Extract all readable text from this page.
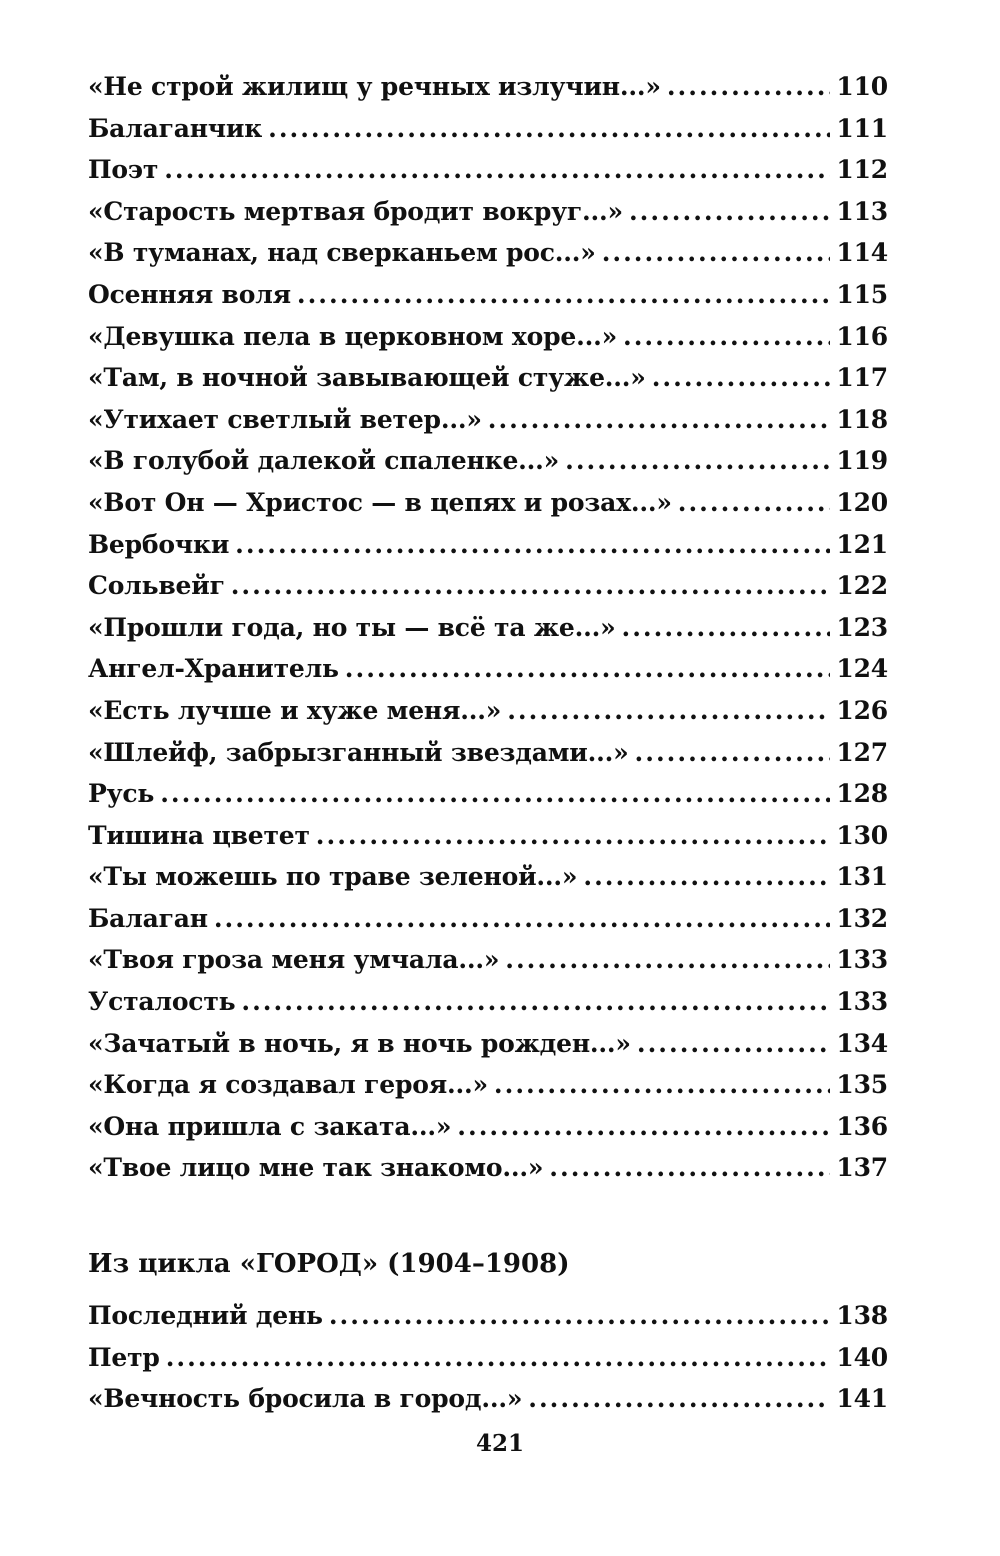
«Не строй жилищ у речных излучин...» .....	110
Балаганчик .....	111
Поэт .....	112
«Старость мертвая бродит вокруг...» .....	113
«В туманах, над сверканьем рос...» .....	114
Осенняя воля .....	115
«Девушка пела в церковном хоре...» .....	116
«Там, в ночной завывающей стуже...» .....	117
«Утихает светлый ветер...» .....	118
«В голубой далекой спаленке...» .....	119
«Вот Он — Христос — в цепях и розах...» .....	120
Вербочки .....	121
Сольвейг .....	122
«Прошли года, но ты — всё та же...» .....	123
Ангел-Хранитель .....	124
«Есть лучше и хуже меня...» .....	126
«Шлейф, забрызганный звездами...» .....	127
Русь .....	128
Тишина цветет .....	130
«Ты можешь по траве зеленой...» .....	131
Балаган .....	132
«Твоя гроза меня умчала...» .....	133
Усталость .....	133
«Зачатый в ночь, я в ночь рожден...» .....	134
«Когда я создавал героя...» .....	135
«Она пришла с заката...» .....	136
«Твое лицо мне так знакомо...» .....	137
Из цикла «ГОРОД» (1904–1908)
Последний день .....	138
Петр .....	140
«Вечность бросила в город...» .....	141
421
